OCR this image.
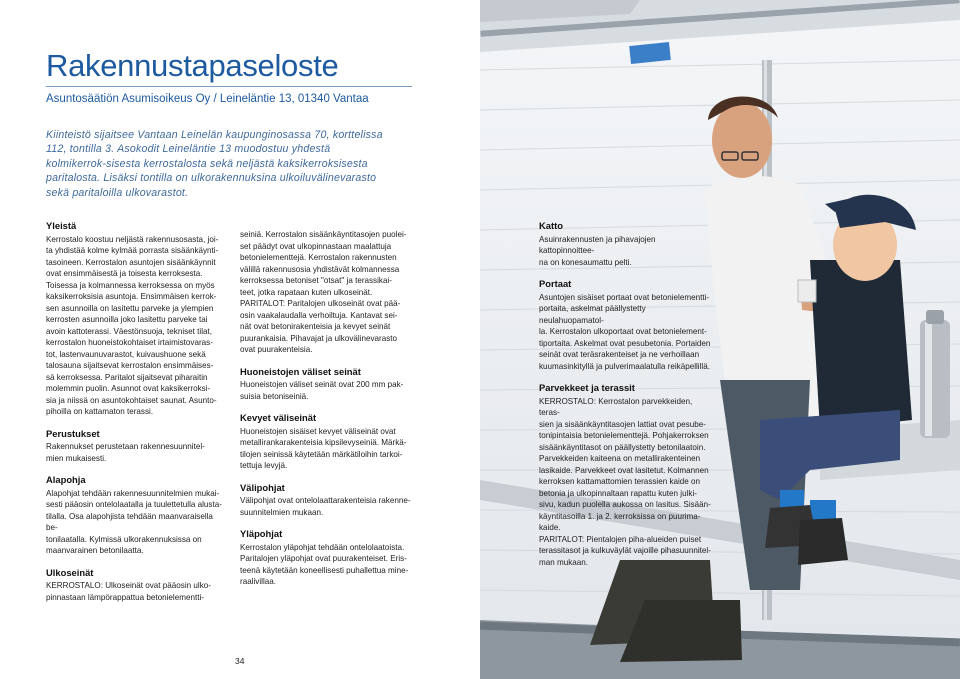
Rakennustapaseloste
Asuntosäätiön Asumisoikeus Oy / Leineläntie 13, 01340 Vantaa
Kiinteistö sijaitsee Vantaan Leinelän kaupunginosassa 70, korttelissa 112, tontilla 3. Asokodit Leineläntie 13 muodostuu yhdestä kolmikerrok-sisesta kerrostalosta sekä neljästä kaksikerroksisesta paritalosta. Lisäksi tontilla on ulkorakennuksina ulkoiluvälinevarasto sekä paritaloilla ulkovarastot.
Yleistä

Kerrostalo koostuu neljästä rakennusosasta, joi-
ta yhdistää kolme kylmää porrasta sisäänkäynti-
tasoineen. Kerrostalon asuntojen sisäänkäynnit
ovat ensimmäisestä ja toisesta kerroksesta.
Toisessa ja kolmannessa kerroksessa on myös
kaksikerroksisia asuntoja. Ensimmäisen kerrok-
sen asunnoilla on lasitettu parveke ja ylempien
kerrosten asunnoilla joko lasitettu parveke tai
avoin kattoterassi. Väestönsuoja, tekniset tilat,
kerrostalon huoneistokohtaiset irtaimistovaras-
tot, lastenvaunuvarastot, kuivaushuone sekä
talosauna sijaitsevat kerrostalon ensimmäises-
sä kerroksessa. Paritalot sijaitsevat piharaitin
molemmin puolin. Asunnot ovat kaksikerroksi-
sia ja niissä on asuntokohtaiset saunat. Asunto-
pihoilla on kattamaton terassi.

Perustukset

Rakennukset perustetaan rakennesuunnitel-
mien mukaisesti.

Alapohja

Alapohjat tehdään rakennesuunnitelmien mukai-
sesti pääosin ontelolaatalla ja tuulettetulla alusta-
tilalla. Osa alapohjista tehdään maanvaraisella be-
tonilaatalla. Kylmissä ulkorakennuksissa on
maanvarainen betonilaatta.

Ulkoseinät

KERROSTALO: Ulkoseinät ovat pääosin ulko-
pinnastaan lämpörappattua betonielementti-

seiniä. Kerrostalon sisäänkäyntitasojen puolei-
set päädyt ovat ulkopinnastaan maalattuja
betonielementtejä. Kerrostalon rakennusten
välillä rakennusosia yhdistävät kolmannessa
kerroksessa betoniset "otsat" ja terassikai-
teet, jotka rapataan kuten ulkoseinät.
PARITALOT: Paritalojen ulkoseinät ovat pää-
osin vaakalaudalla verhoiltuja. Kantavat sei-
nät ovat betonirakenteisia ja kevyet seinät
puurankaisia. Pihavajat ja ulkovälinevarasto
ovat puurakenteisia.

Huoneistojen väliset seinät

Huoneistojen väliset seinät ovat 200 mm pak-
suisia betoniseiniä.

Kevyet väliseinät

Huoneistojen sisäiset kevyet väliseinät ovat
metallirankarakenteisia kipsilevyseiniä. Märkä-
tilojen seinissä käytetään märkätiloihin tarkoi-
tettuja levyjä.

Välipohjat

Välipohjat ovat ontelolaattarakenteisia rakenne-
suunnitelmien mukaan.

Yläpohjat

Kerrostalon yläpohjat tehdään ontelolaatoista.
Paritalojen yläpohjat ovat puurakenteiset. Eris-
teenä käytetään koneellisesti puhallettua mine-
raalivillaa.

Katto

Asuinrakennusten ja pihavajojen kattopinnoittee-
na on konesaumattu pelti.

Portaat

Asuntojen sisäiset portaat ovat betonielementti-
portaita, askelmat päällystetty neulahuopamatol-
la. Kerrostalon ulkoportaat ovat betonielement-
tiportaita. Askelmat ovat pesubetonia. Portaiden
seinät ovat teräsrakenteiset ja ne verhoillaan
kuumasinkityllä ja pulverimaalatulla reikäpellillä.

Parvekkeet ja terassit

KERROSTALO: Kerrostalon parvekkeiden, teras-
sien ja sisäänkäyntitasojen lattiat ovat pesube-
tonipintaisia betonielementtejä. Pohjakerroksen
sisäänkäyntitasot on päällystetty betonilaatoin.
Parvekkeiden kaiteena on metallirakenteinen
lasikaide. Parvekkeet ovat lasitetut. Kolmannen
kerroksen kattamattomien terassien kaide on
betonia ja ulkopinnaltaan rapattu kuten julki-
sivu, kadun puolella aukossa on lasitus. Sisään-
käyntitasoilla 1. ja 2. kerroksissa on puurima-
kaide.
PARITALOT: Pientalojen piha-alueiden puiset
terassitasot ja kulkuväylät vajoille pihasuunnitel-
man mukaan.

34
